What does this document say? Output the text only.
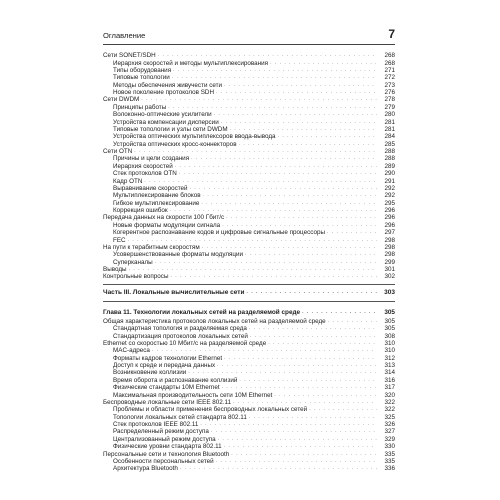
Оглавление	7
Сети SONET/SDH . . .	268
Иерархия скоростей и методы мультиплексирования . . .	268
Типы оборудования . . .	271
Типовые топологии . . .	272
Методы обеспечения живучести сети . . .	273
Новое поколение протоколов SDH . . .	276
Сети DWDM . . .	278
Принципы работы . . .	279
Волоконно-оптические усилители . . .	280
Устройства компенсации дисперсии . . .	281
Типовые топологии и узлы сети DWDM . . .	281
Устройства оптических мультиплексоров ввода-вывода . . .	284
Устройства оптических кросс-коннекторов . . .	285
Сети OTN . . .	288
Причины и цели создания . . .	288
Иерархия скоростей . . .	289
Стек протоколов OTN . . .	290
Кадр OTN . . .	291
Выравнивание скоростей . . .	292
Мультиплексирование блоков . . .	292
Гибкое мультиплексирование . . .	295
Коррекция ошибок . . .	296
Передача данных на скорости 100 Гбит/с . . .	296
Новые форматы модуляции сигнала . . .	296
Когерентное распознавание кодов и цифровые сигнальные процессоры . . .	297
FEC . . .	298
На пути к терабитным скоростям . . .	298
Усовершенствованные форматы модуляции . . .	298
Суперканалы . . .	299
Выводы . . .	301
Контрольные вопросы . . .	302
Часть III. Локальные вычислительные сети . . .	303
Глава 11. Технологии локальных сетей на разделяемой среде . . .	305
Общая характеристика протоколов локальных сетей на разделяемой среде . . .	305
Стандартная топология и разделяемая среда . . .	305
Стандартизация протоколов локальных сетей . . .	308
Ethernet со скоростью 10 Мбит/с на разделяемой среде . . .	310
MAC-адреса . . .	310
Форматы кадров технологии Ethernet . . .	312
Доступ к среде и передача данных . . .	313
Возникновение коллизии . . .	314
Время оборота и распознавание коллизий . . .	316
Физические стандарты 10M Ethernet . . .	317
Максимальная производительность сети 10M Ethernet . . .	320
Беспроводные локальные сети IEEE 802.11 . . .	322
Проблемы и области применения беспроводных локальных сетей . . .	322
Топологии локальных сетей стандарта 802.11 . . .	325
Стек протоколов IEEE 802.11 . . .	326
Распределенный режим доступа . . .	327
Централизованный режим доступа . . .	329
Физические уровни стандарта 802.11 . . .	330
Персональные сети и технология Bluetooth . . .	335
Особенности персональных сетей . . .	335
Архитектура Bluetooth . . .	336
